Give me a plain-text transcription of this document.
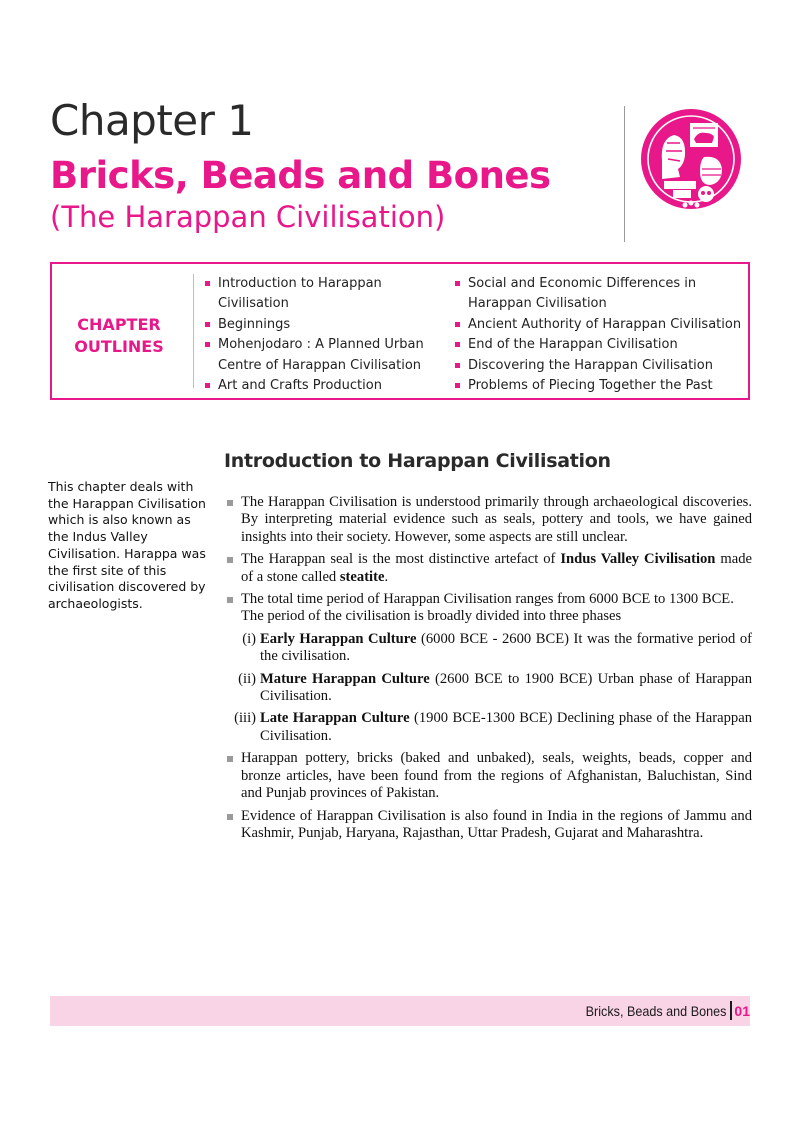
Chapter 1
Bricks, Beads and Bones
(The Harappan Civilisation)
CHAPTER
OUTLINES
Introduction to Harappan Civilisation
Beginnings
Mohenjodaro : A Planned Urban Centre of Harappan Civilisation
Art and Crafts Production
Social and Economic Differences in Harappan Civilisation
Ancient Authority of Harappan Civilisation
End of the Harappan Civilisation
Discovering the Harappan Civilisation
Problems of Piecing Together the Past
This chapter deals with the Harappan Civilisation which is also known as the Indus Valley Civilisation. Harappa was the first site of this civilisation discovered by archaeologists.
Introduction to Harappan Civilisation
The Harappan Civilisation is understood primarily through archaeological discoveries. By interpreting material evidence such as seals, pottery and tools, we have gained insights into their society. However, some aspects are still unclear.
The Harappan seal is the most distinctive artefact of Indus Valley Civilisation made of a stone called steatite.
The total time period of Harappan Civilisation ranges from 6000 BCE to 1300 BCE.
The period of the civilisation is broadly divided into three phases
(i) Early Harappan Culture (6000 BCE - 2600 BCE) It was the formative period of the civilisation.
(ii) Mature Harappan Culture (2600 BCE to 1900 BCE) Urban phase of Harappan Civilisation.
(iii) Late Harappan Culture (1900 BCE-1300 BCE) Declining phase of the Harappan Civilisation.
Harappan pottery, bricks (baked and unbaked), seals, weights, beads, copper and bronze articles, have been found from the regions of Afghanistan, Baluchistan, Sind and Punjab provinces of Pakistan.
Evidence of Harappan Civilisation is also found in India in the regions of Jammu and Kashmir, Punjab, Haryana, Rajasthan, Uttar Pradesh, Gujarat and Maharashtra.
Bricks, Beads and Bones 01
